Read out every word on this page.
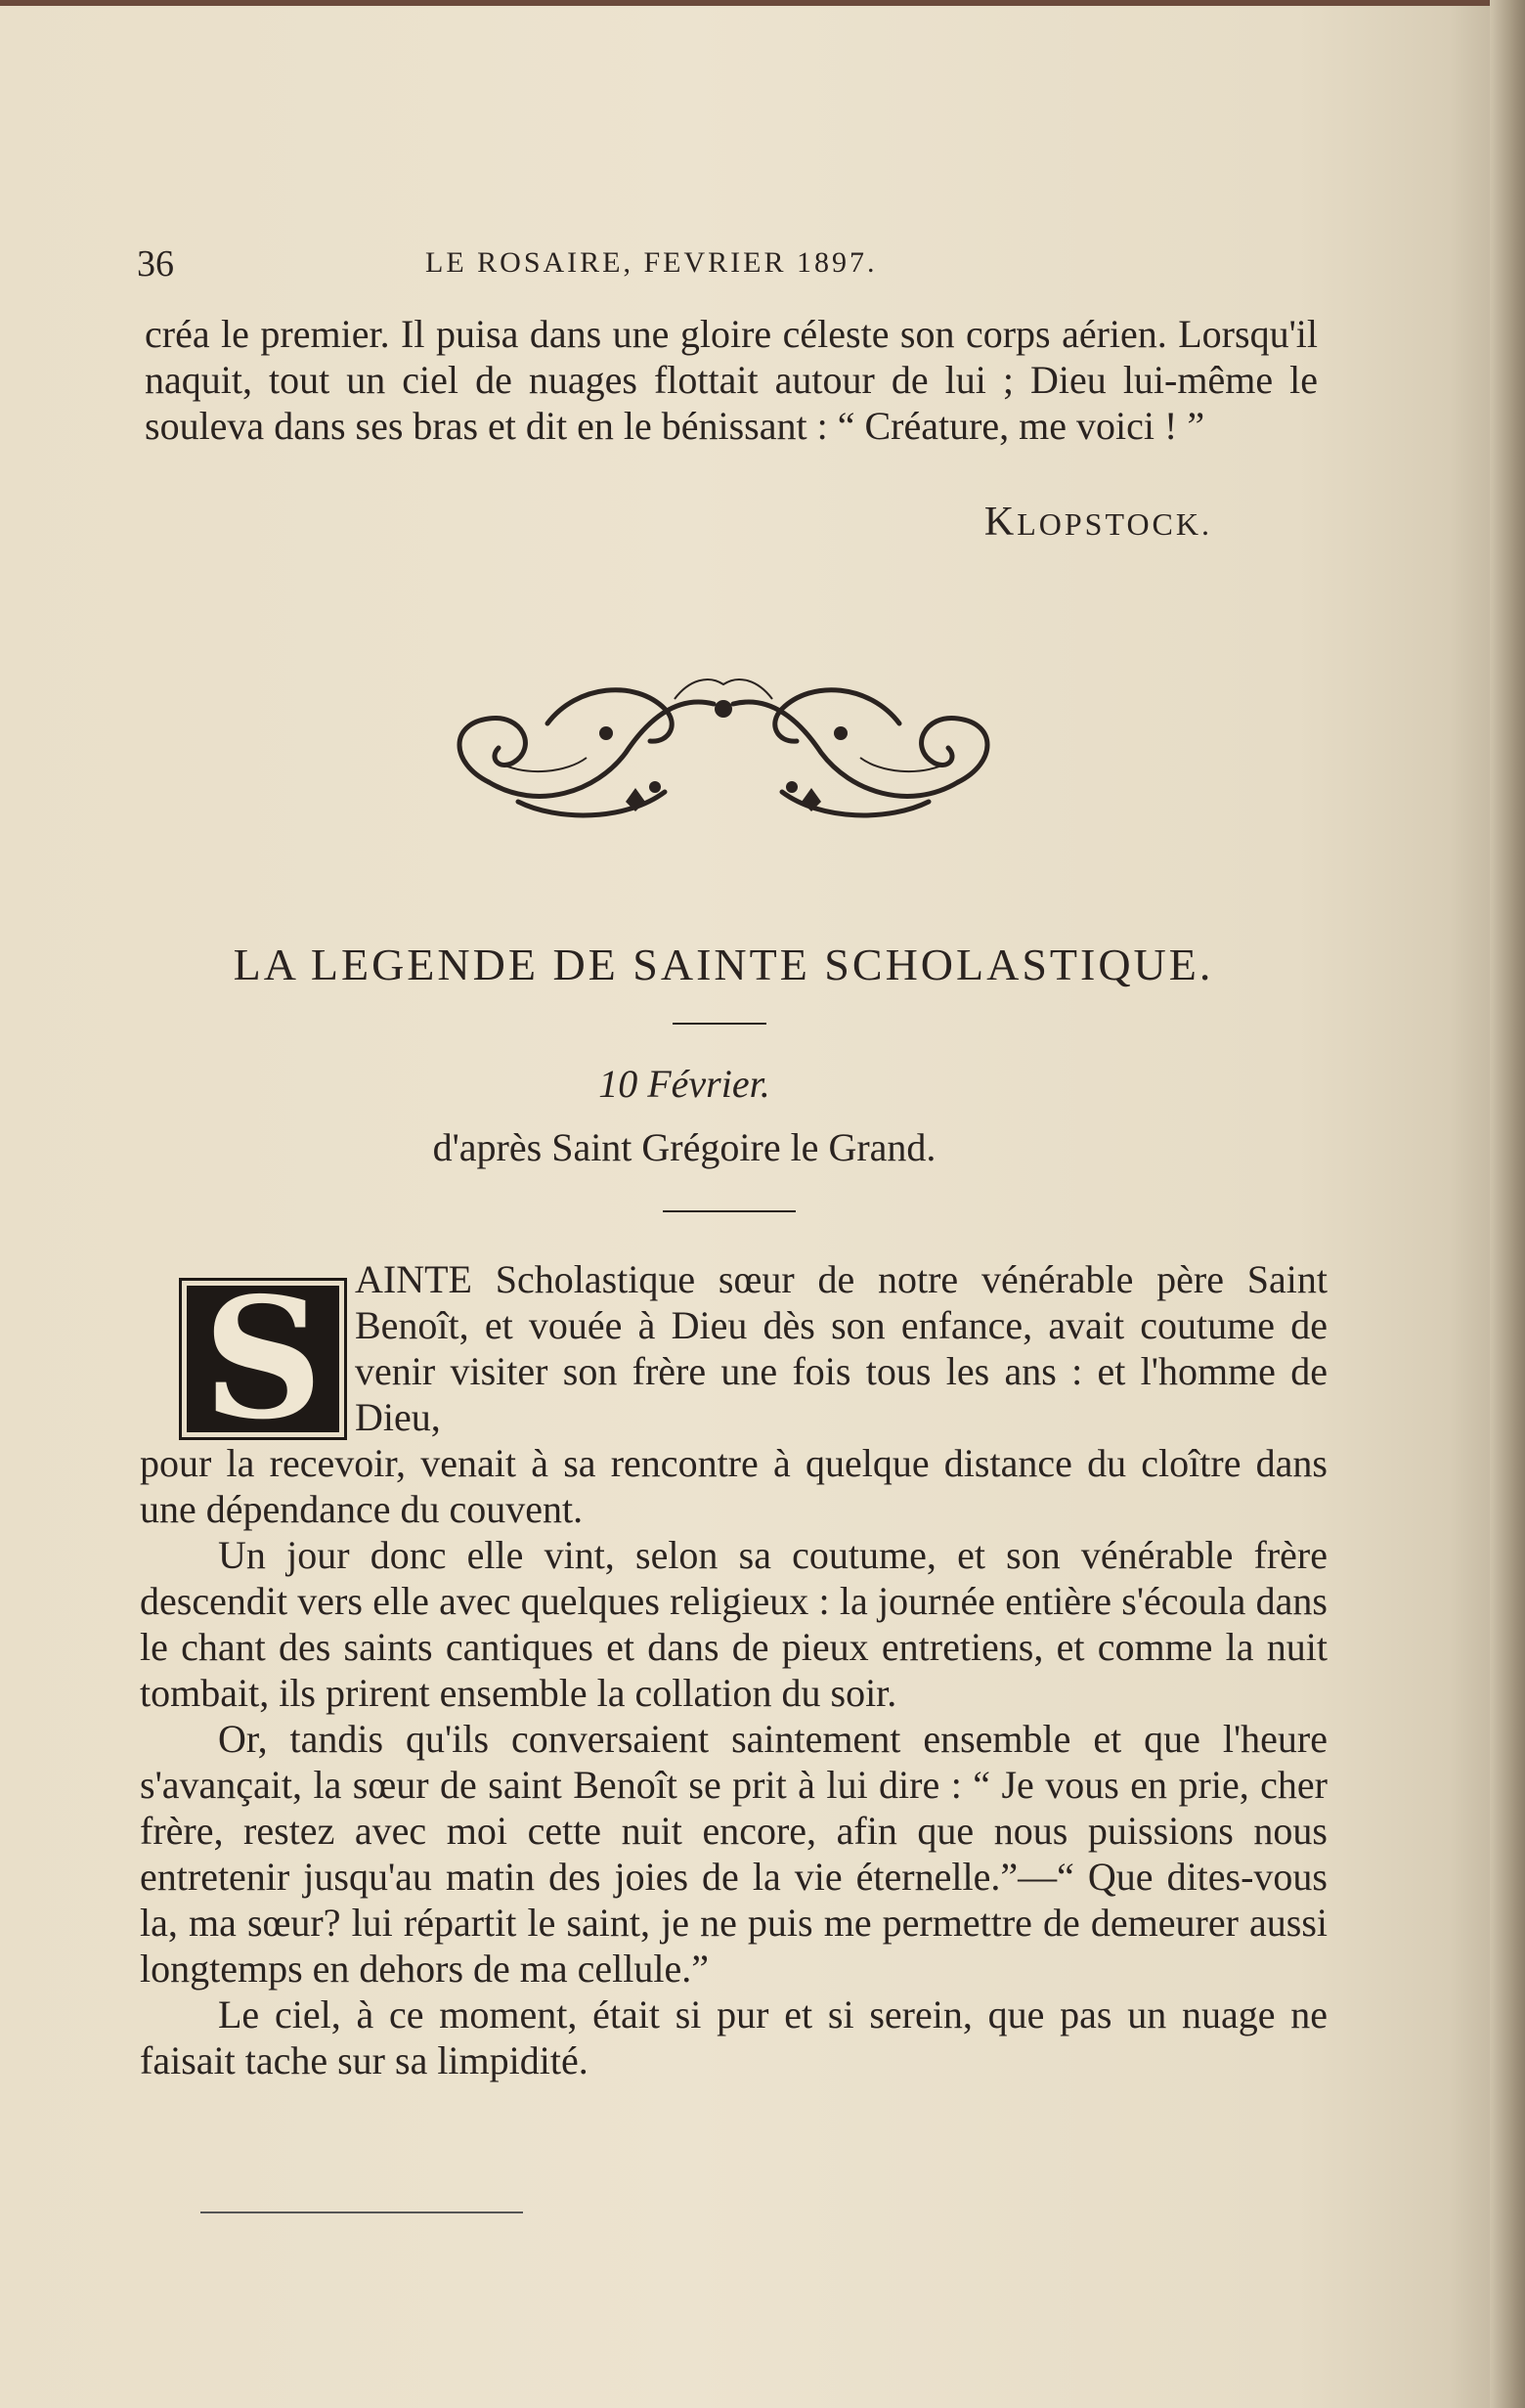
36	LE ROSAIRE, FEVRIER 1897.

créa le premier. Il puisa dans une gloire céleste son corps aérien. Lorsqu'il naquit, tout un ciel de nuages flottait autour de lui ; Dieu lui-même le souleva dans ses bras et dit en le bénissant : “ Créature, me voici ! ”

KLOPSTOCK.
LA LEGENDE DE SAINTE SCHOLASTIQUE.
10 Février.
d'après Saint Grégoire le Grand.
S AINTE Scholastique sœur de notre vénérable père Saint Benoît, et vouée à Dieu dès son enfance, avait coutume de venir visiter son frère une fois tous les ans : et l'homme de Dieu,

pour la recevoir, venait à sa rencontre à quelque distance du cloître dans une dépendance du couvent.

Un jour donc elle vint, selon sa coutume, et son vénérable frère descendit vers elle avec quelques religieux : la journée entière s'écoula dans le chant des saints cantiques et dans de pieux entretiens, et comme la nuit tombait, ils prirent ensemble la collation du soir.

Or, tandis qu'ils conversaient saintement ensemble et que l'heure s'avançait, la sœur de saint Benoît se prit à lui dire : “ Je vous en prie, cher frère, restez avec moi cette nuit encore, afin que nous puissions nous entretenir jusqu'au matin des joies de la vie éternelle.”—“ Que dites-vous la, ma sœur? lui répartit le saint, je ne puis me permettre de demeurer aussi longtemps en dehors de ma cellule.”

Le ciel, à ce moment, était si pur et si serein, que pas un nuage ne faisait tache sur sa limpidité.
